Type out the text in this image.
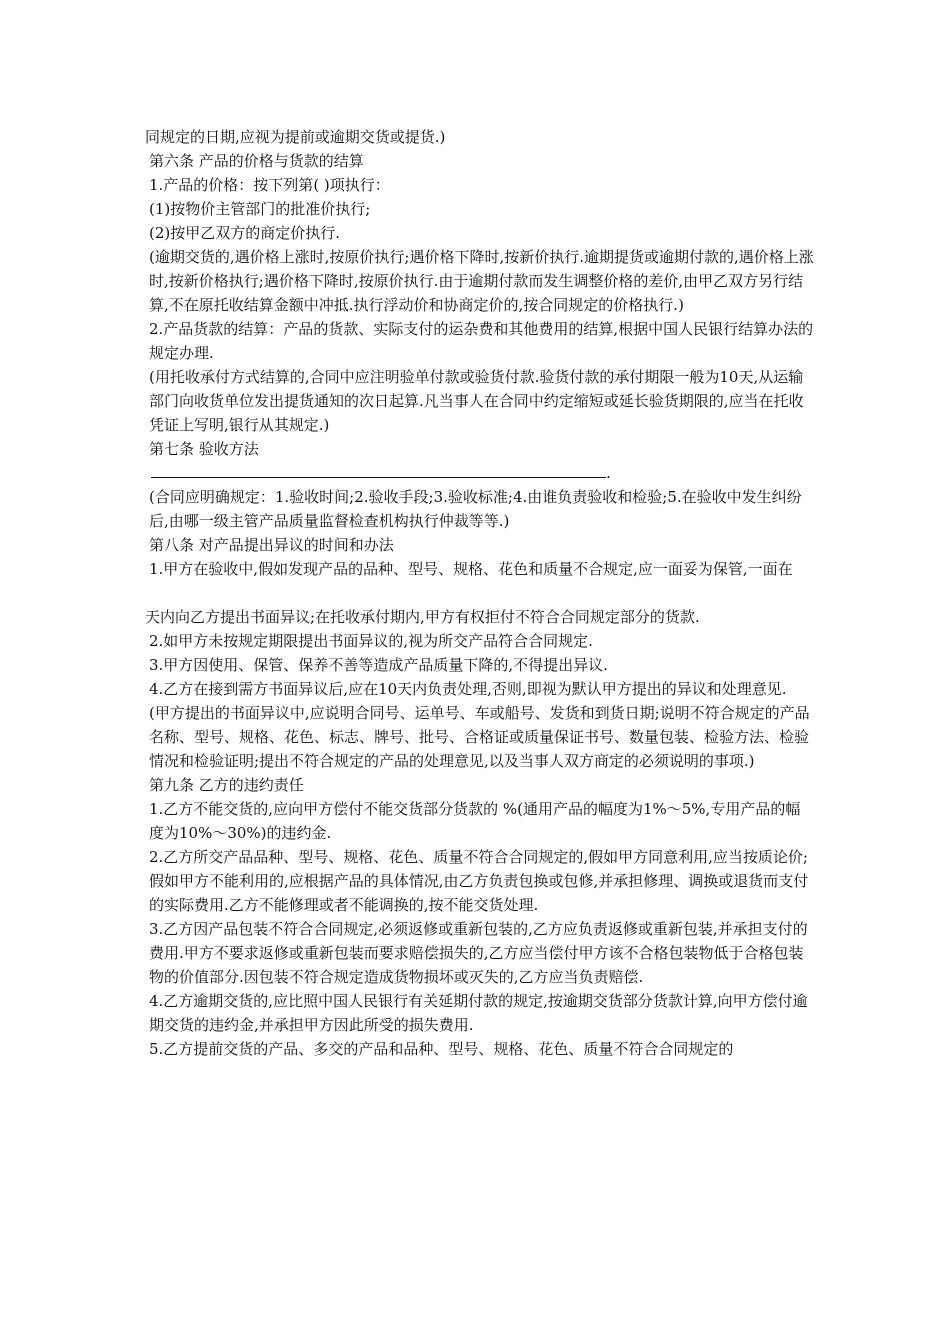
同规定的日期,应视为提前或逾期交货或提货.)

第六条 产品的价格与货款的结算

1.产品的价格：按下列第( )项执行：

(1)按物价主管部门的批准价执行;

(2)按甲乙双方的商定价执行.

(逾期交货的,遇价格上涨时,按原价执行;遇价格下降时,按新价执行.逾期提货或逾期付款的,遇价格上涨时,按新价格执行;遇价格下降时,按原价执行.由于逾期付款而发生调整价格的差价,由甲乙双方另行结算,不在原托收结算金额中冲抵.执行浮动价和协商定价的,按合同规定的价格执行.)

2.产品货款的结算：产品的货款、实际支付的运杂费和其他费用的结算,根据中国人民银行结算办法的规定办理.

(用托收承付方式结算的,合同中应注明验单付款或验货付款.验货付款的承付期限一般为10天,从运输部门向收货单位发出提货通知的次日起算.凡当事人在合同中约定缩短或延长验货期限的,应当在托收凭证上写明,银行从其规定.)

第七条 验收方法

.

(合同应明确规定：1.验收时间;2.验收手段;3.验收标准;4.由谁负责验收和检验;5.在验收中发生纠纷后,由哪一级主管产品质量监督检查机构执行仲裁等等.)

第八条 对产品提出异议的时间和办法

1.甲方在验收中,假如发现产品的品种、型号、规格、花色和质量不合规定,应一面妥为保管,一面在

天内向乙方提出书面异议;在托收承付期内,甲方有权拒付不符合合同规定部分的货款.

2.如甲方未按规定期限提出书面异议的,视为所交产品符合合同规定.

3.甲方因使用、保管、保养不善等造成产品质量下降的,不得提出异议.

4.乙方在接到需方书面异议后,应在10天内负责处理,否则,即视为默认甲方提出的异议和处理意见.

(甲方提出的书面异议中,应说明合同号、运单号、车或船号、发货和到货日期;说明不符合规定的产品名称、型号、规格、花色、标志、牌号、批号、合格证或质量保证书号、数量包装、检验方法、检验情况和检验证明;提出不符合规定的产品的处理意见,以及当事人双方商定的必须说明的事项.)

第九条 乙方的违约责任

1.乙方不能交货的,应向甲方偿付不能交货部分货款的 %(通用产品的幅度为1%～5%,专用产品的幅度为10%～30%)的违约金.

2.乙方所交产品品种、型号、规格、花色、质量不符合合同规定的,假如甲方同意利用,应当按质论价;假如甲方不能利用的,应根据产品的具体情况,由乙方负责包换或包修,并承担修理、调换或退货而支付的实际费用.乙方不能修理或者不能调换的,按不能交货处理.

3.乙方因产品包装不符合合同规定,必须返修或重新包装的,乙方应负责返修或重新包装,并承担支付的费用.甲方不要求返修或重新包装而要求赔偿损失的,乙方应当偿付甲方该不合格包装物低于合格包装物的价值部分.因包装不符合规定造成货物损坏或灭失的,乙方应当负责赔偿.

4.乙方逾期交货的,应比照中国人民银行有关延期付款的规定,按逾期交货部分货款计算,向甲方偿付逾期交货的违约金,并承担甲方因此所受的损失费用.

5.乙方提前交货的产品、多交的产品和品种、型号、规格、花色、质量不符合合同规定的
